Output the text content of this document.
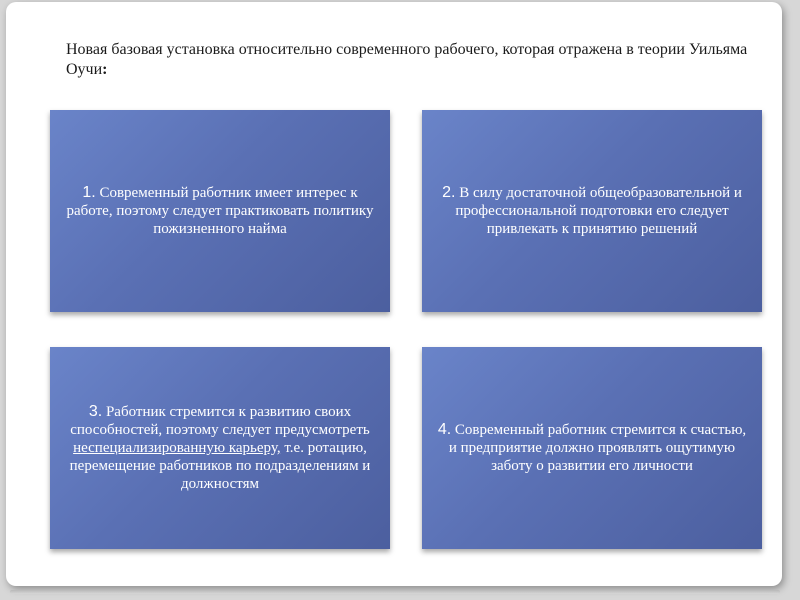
Новая базовая установка относительно современного рабочего, которая отражена в теории Уильяма Оучи:

1. Современный работник имеет интерес к работе, поэтому следует практиковать политику пожизненного найма
2. В силу достаточной общеобразовательной и профессиональной подготовки его следует привлекать к принятию решений
3. Работник стремится к развитию своих способностей, поэтому следует предусмотреть неспециализированную карьеру, т.е. ротацию, перемещение работников по подразделениям и должностям
4. Современный работник стремится к счастью, и предприятие должно проявлять ощутимую заботу о развитии его личности
